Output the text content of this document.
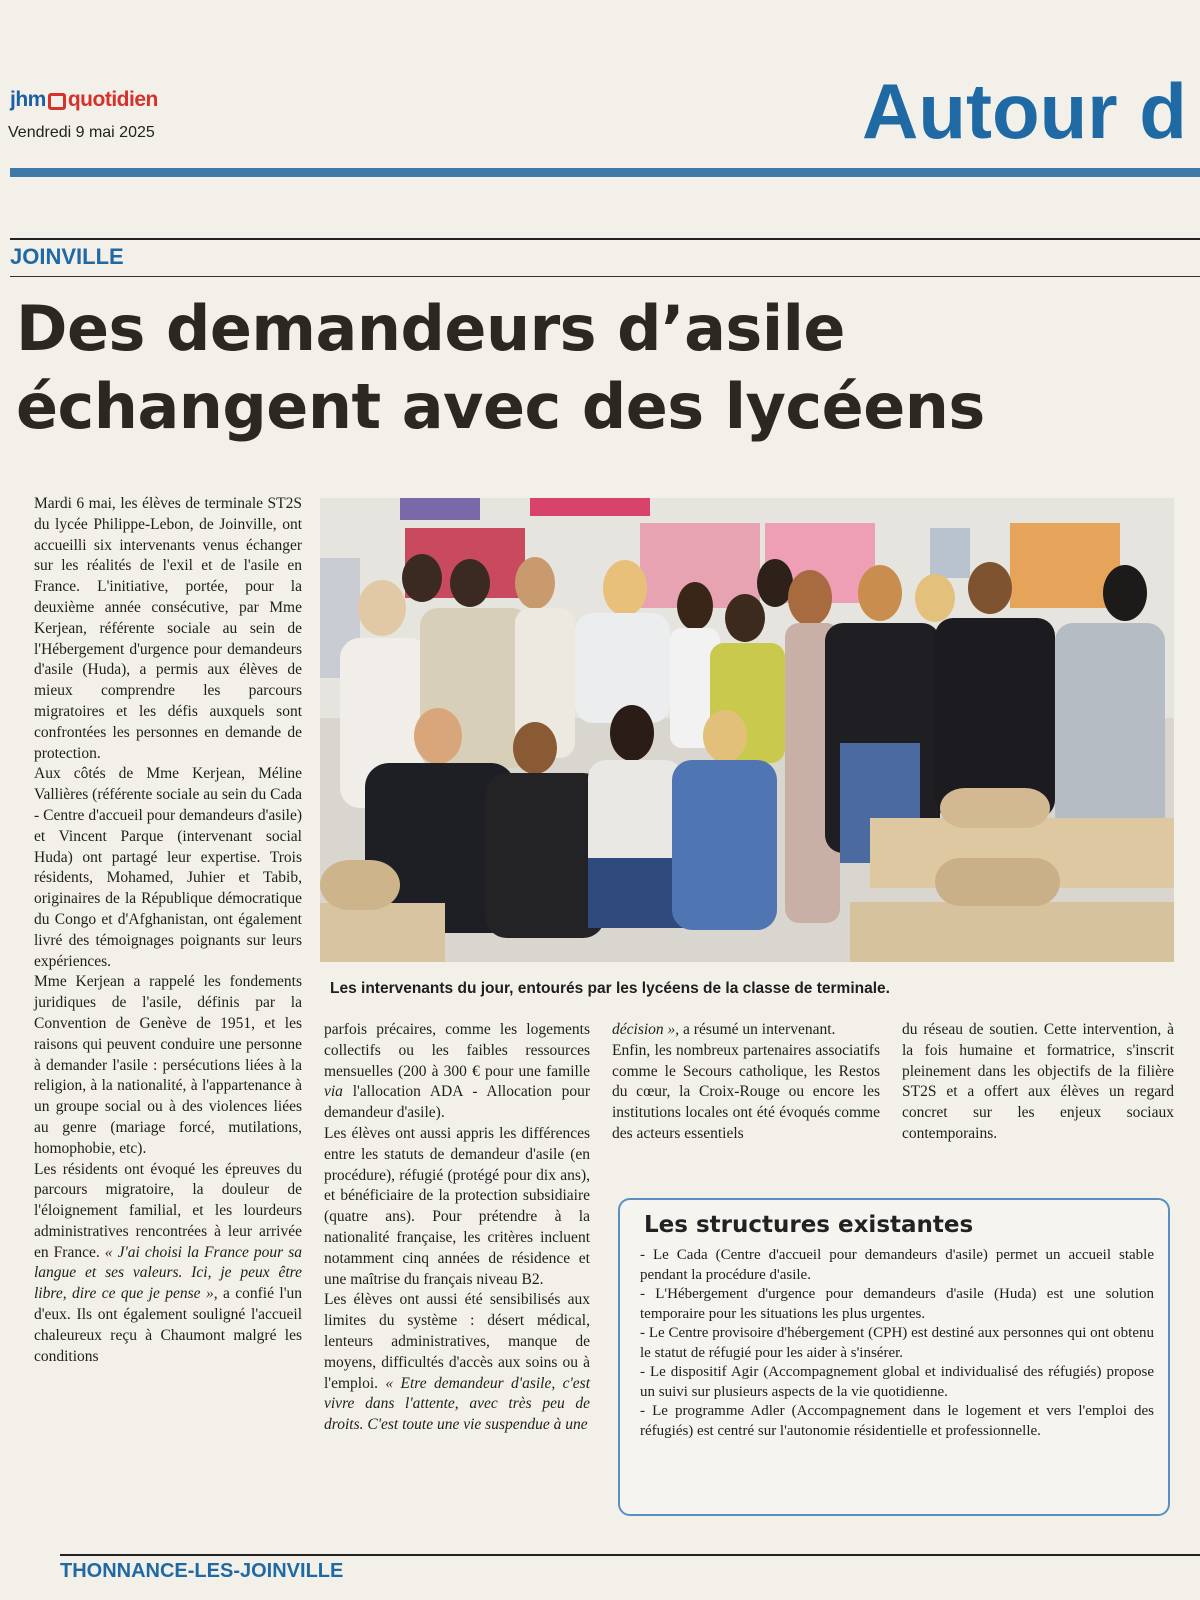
jhm quotidien
Vendredi 9 mai 2025	Autour d
JOINVILLE
Des demandeurs d’asile
échangent avec des lycéens
Les intervenants du jour, entourés par les lycéens de la classe de terminale.

Mardi 6 mai, les élèves de terminale ST2S du lycée Philippe-Lebon, de Joinville, ont accueilli six intervenants venus échanger sur les réalités de l'exil et de l'asile en France. L'initiative, portée, pour la deuxième année consécutive, par Mme Kerjean, référente sociale au sein de l'Hébergement d'urgence pour demandeurs d'asile (Huda), a permis aux élèves de mieux comprendre les parcours migratoires et les défis auxquels sont confrontées les personnes en demande de protection.

Aux côtés de Mme Kerjean, Méline Vallières (référente sociale au sein du Cada - Centre d'accueil pour demandeurs d'asile) et Vincent Parque (intervenant social Huda) ont partagé leur expertise. Trois résidents, Mohamed, Juhier et Tabib, originaires de la République démocratique du Congo et d'Afghanistan, ont également livré des témoignages poignants sur leurs expériences.

Mme Kerjean a rappelé les fondements juridiques de l'asile, définis par la Convention de Genève de 1951, et les raisons qui peuvent conduire une personne à demander l'asile : persécutions liées à la religion, à la nationalité, à l'appartenance à un groupe social ou à des violences liées au genre (mariage forcé, mutilations, homophobie, etc).

Les résidents ont évoqué les épreuves du parcours migratoire, la douleur de l'éloignement familial, et les lourdeurs administratives rencontrées à leur arrivée en France. « J'ai choisi la France pour sa langue et ses valeurs. Ici, je peux être libre, dire ce que je pense », a confié l'un d'eux. Ils ont également souligné l'accueil chaleureux reçu à Chaumont malgré les conditions

parfois précaires, comme les logements collectifs ou les faibles ressources mensuelles (200 à 300 € pour une famille via l'allocation ADA - Allocation pour demandeur d'asile).

Les élèves ont aussi appris les différences entre les statuts de demandeur d'asile (en procédure), réfugié (protégé pour dix ans), et bénéficiaire de la protection subsidiaire (quatre ans). Pour prétendre à la nationalité française, les critères incluent notamment cinq années de résidence et une maîtrise du français niveau B2.

Les élèves ont aussi été sensibilisés aux limites du système : désert médical, lenteurs administratives, manque de moyens, difficultés d'accès aux soins ou à l'emploi. « Etre demandeur d'asile, c'est vivre dans l'attente, avec très peu de droits. C'est toute une vie suspendue à une

décision », a résumé un intervenant.

Enfin, les nombreux partenaires associatifs comme le Secours catholique, les Restos du cœur, la Croix-Rouge ou encore les institutions locales ont été évoqués comme des acteurs essentiels

du réseau de soutien. Cette intervention, à la fois humaine et formatrice, s'inscrit pleinement dans les objectifs de la filière ST2S et a offert aux élèves un regard concret sur les enjeux sociaux contemporains.

Les structures existantes
- Le Cada (Centre d'accueil pour demandeurs d'asile) permet un accueil stable pendant la procédure d'asile.
- L'Hébergement d'urgence pour demandeurs d'asile (Huda) est une solution temporaire pour les situations les plus urgentes.
- Le Centre provisoire d'hébergement (CPH) est destiné aux personnes qui ont obtenu le statut de réfugié pour les aider à s'insérer.
- Le dispositif Agir (Accompagnement global et individualisé des réfugiés) propose un suivi sur plusieurs aspects de la vie quotidienne.
- Le programme Adler (Accompagnement dans le logement et vers l'emploi des réfugiés) est centré sur l'autonomie résidentielle et professionnelle.
THONNANCE-LES-JOINVILLE
